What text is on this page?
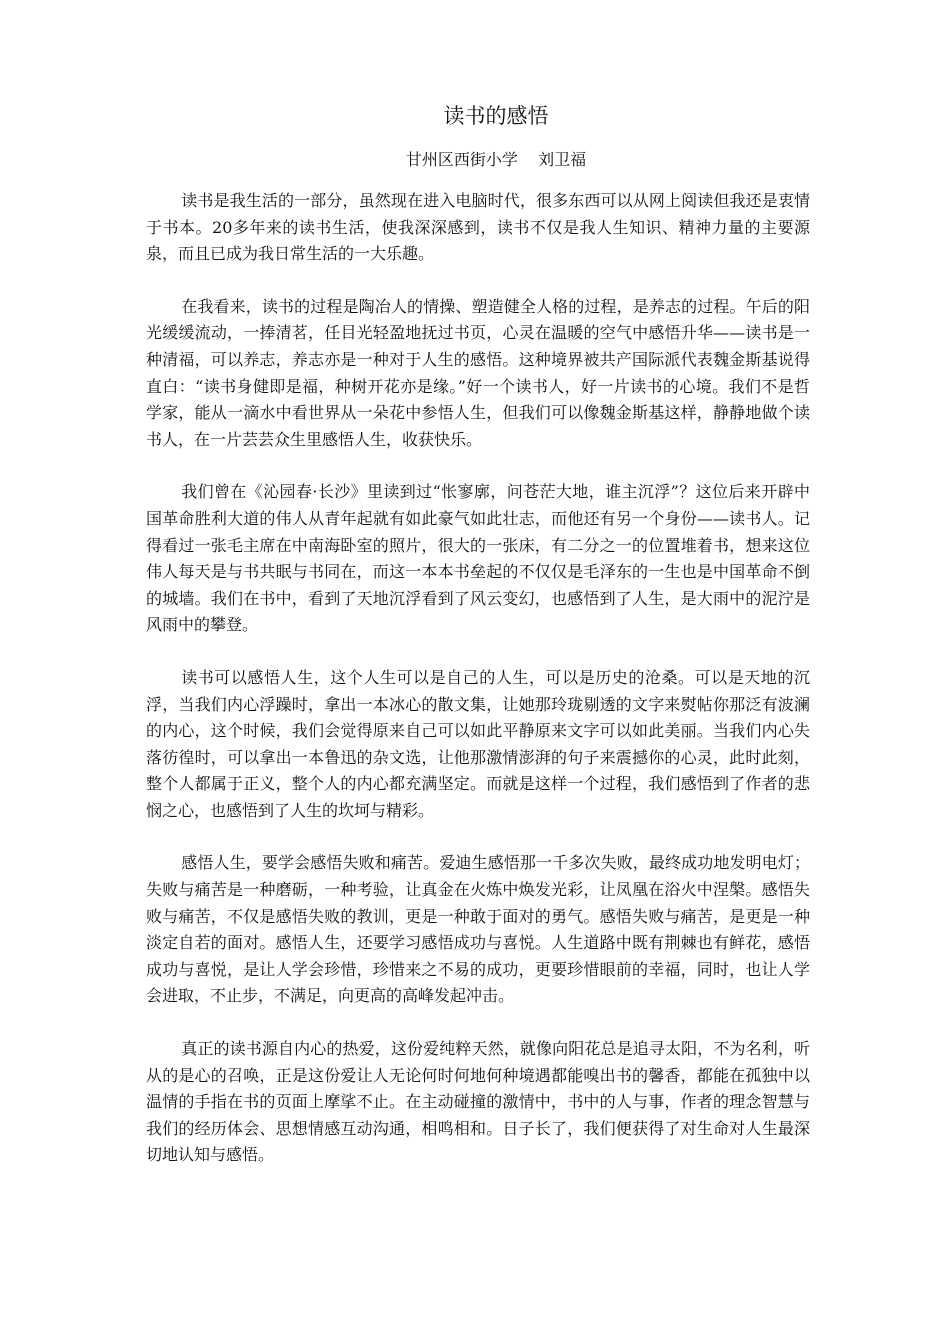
读书的感悟
甘州区西街小学    刘卫福

读书是我生活的一部分，虽然现在进入电脑时代，很多东西可以从网上阅读但我还是衷情于书本。20多年来的读书生活，使我深深感到，读书不仅是我人生知识、精神力量的主要源泉，而且已成为我日常生活的一大乐趣。

在我看来，读书的过程是陶冶人的情操、塑造健全人格的过程，是养志的过程。午后的阳光缓缓流动，一捧清茗，任目光轻盈地抚过书页，心灵在温暖的空气中感悟升华——读书是一种清福，可以养志，养志亦是一种对于人生的感悟。这种境界被共产国际派代表魏金斯基说得直白：“读书身健即是福，种树开花亦是缘。”好一个读书人，好一片读书的心境。我们不是哲学家，能从一滴水中看世界从一朵花中参悟人生，但我们可以像魏金斯基这样，静静地做个读书人，在一片芸芸众生里感悟人生，收获快乐。

我们曾在《沁园春·长沙》里读到过“怅寥廓，问苍茫大地，谁主沉浮”？这位后来开辟中国革命胜利大道的伟人从青年起就有如此豪气如此壮志，而他还有另一个身份——读书人。记得看过一张毛主席在中南海卧室的照片，很大的一张床，有二分之一的位置堆着书，想来这位伟人每天是与书共眠与书同在，而这一本本书垒起的不仅仅是毛泽东的一生也是中国革命不倒的城墙。我们在书中，看到了天地沉浮看到了风云变幻，也感悟到了人生，是大雨中的泥泞是风雨中的攀登。

读书可以感悟人生，这个人生可以是自己的人生，可以是历史的沧桑。可以是天地的沉浮，当我们内心浮躁时，拿出一本冰心的散文集，让她那玲珑剔透的文字来熨帖你那泛有波澜的内心，这个时候，我们会觉得原来自己可以如此平静原来文字可以如此美丽。当我们内心失落彷徨时，可以拿出一本鲁迅的杂文选，让他那激情澎湃的句子来震撼你的心灵，此时此刻，整个人都属于正义，整个人的内心都充满坚定。而就是这样一个过程，我们感悟到了作者的悲悯之心，也感悟到了人生的坎坷与精彩。

感悟人生，要学会感悟失败和痛苦。爱迪生感悟那一千多次失败，最终成功地发明电灯；失败与痛苦是一种磨砺，一种考验，让真金在火炼中焕发光彩，让凤凰在浴火中涅槃。感悟失败与痛苦，不仅是感悟失败的教训，更是一种敢于面对的勇气。感悟失败与痛苦，是更是一种淡定自若的面对。感悟人生，还要学习感悟成功与喜悦。人生道路中既有荆棘也有鲜花，感悟成功与喜悦，是让人学会珍惜，珍惜来之不易的成功，更要珍惜眼前的幸福，同时，也让人学会进取，不止步，不满足，向更高的高峰发起冲击。

真正的读书源自内心的热爱，这份爱纯粹天然，就像向阳花总是追寻太阳，不为名利，听从的是心的召唤，正是这份爱让人无论何时何地何种境遇都能嗅出书的馨香，都能在孤独中以温情的手指在书的页面上摩挲不止。在主动碰撞的激情中，书中的人与事，作者的理念智慧与我们的经历体会、思想情感互动沟通，相鸣相和。日子长了，我们便获得了对生命对人生最深切地认知与感悟。
